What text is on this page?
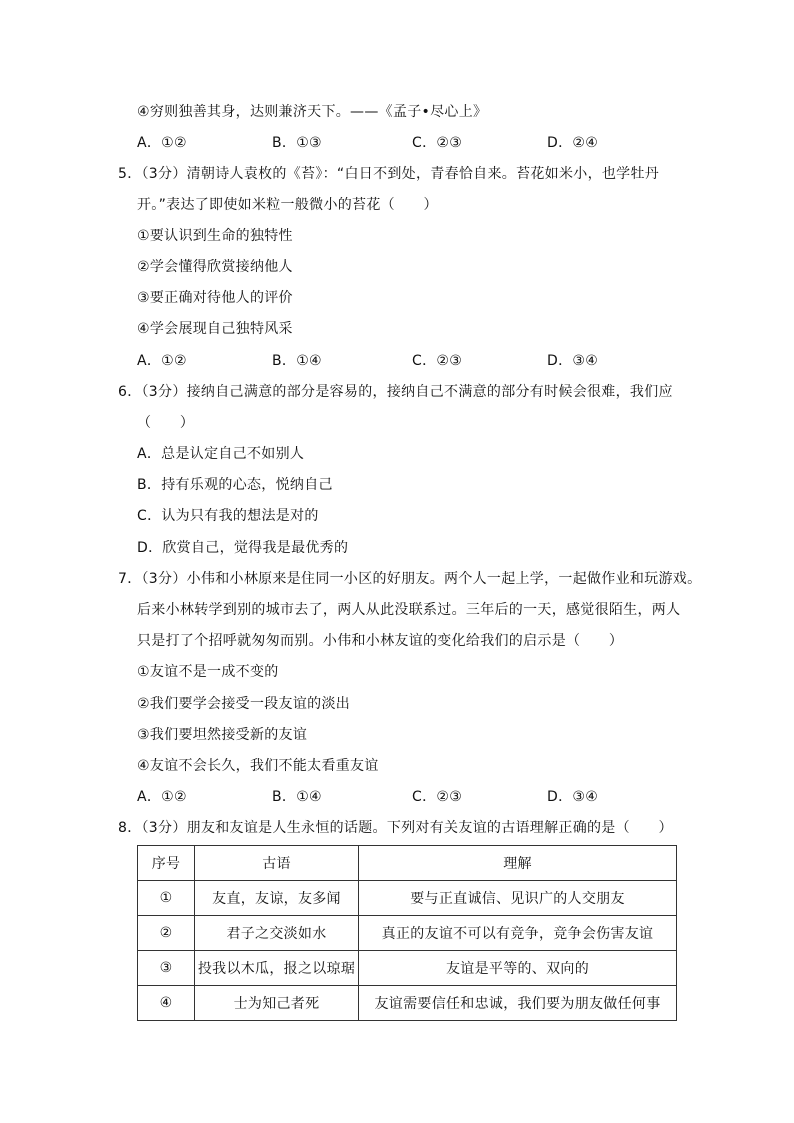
④穷则独善其身，达则兼济天下。——《孟子•尽心上》
A．①②	B．①③	C．②③	D．②④
5．（3分）清朝诗人袁枚的《苔》：“白日不到处，青春恰自来。苔花如米小，也学牡丹
开。”表达了即使如米粒一般微小的苔花（　　）
①要认识到生命的独特性
②学会懂得欣赏接纳他人
③要正确对待他人的评价
④学会展现自己独特风采
A．①②	B．①④	C．②③	D．③④
6．（3分）接纳自己满意的部分是容易的，接纳自己不满意的部分有时候会很难，我们应
（　　）
A．总是认定自己不如别人
B．持有乐观的心态，悦纳自己
C．认为只有我的想法是对的
D．欣赏自己，觉得我是最优秀的
7．（3分）小伟和小林原来是住同一小区的好朋友。两个人一起上学，一起做作业和玩游戏。
后来小林转学到别的城市去了，两人从此没联系过。三年后的一天，感觉很陌生，两人
只是打了个招呼就匆匆而别。小伟和小林友谊的变化给我们的启示是（　　）
①友谊不是一成不变的
②我们要学会接受一段友谊的淡出
③我们要坦然接受新的友谊
④友谊不会长久，我们不能太看重友谊
A．①②	B．①④	C．②③	D．③④
8．（3分）朋友和友谊是人生永恒的话题。下列对有关友谊的古语理解正确的是（　　）
序号	古语	理解
①	友直，友谅，友多闻	要与正直诚信、见识广的人交朋友
②	君子之交淡如水	真正的友谊不可以有竞争，竞争会伤害友谊
③	投我以木瓜，报之以琼琚	友谊是平等的、双向的
④	士为知己者死	友谊需要信任和忠诚，我们要为朋友做任何事
